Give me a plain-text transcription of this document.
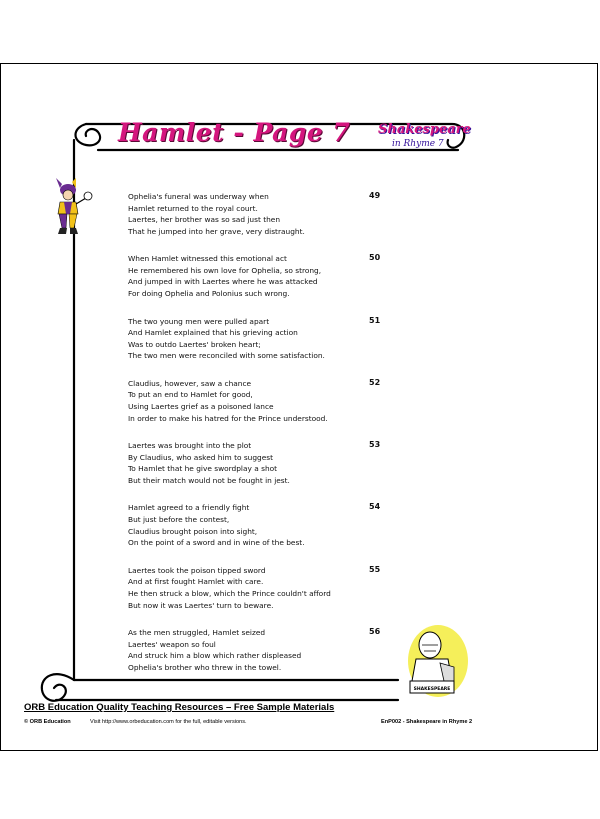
Hamlet - Page 7 Shakespeare
in Rhyme 7
SHAKESPEARE
Ophelia's funeral was underway when
Hamlet returned to the royal court.
Laertes, her brother was so sad just then
That he jumped into her grave, very distraught.
49
When Hamlet witnessed this emotional act
He remembered his own love for Ophelia, so strong,
And jumped in with Laertes where he was attacked
For doing Ophelia and Polonius such wrong.
50
The two young men were pulled apart
And Hamlet explained that his grieving action
Was to outdo Laertes' broken heart;
The two men were reconciled with some satisfaction.
51
Claudius, however, saw a chance
To put an end to Hamlet for good,
Using Laertes grief as a poisoned lance
In order to make his hatred for the Prince understood.
52
Laertes was brought into the plot
By Claudius, who asked him to suggest
To Hamlet that he give swordplay a shot
But their match would not be fought in jest.
53
Hamlet agreed to a friendly fight
But just before the contest,
Claudius brought poison into sight,
On the point of a sword and in wine of the best.
54
Laertes took the poison tipped sword
And at first fought Hamlet with care.
He then struck a blow, which the Prince couldn't afford
But now it was Laertes' turn to beware.
55
As the men struggled, Hamlet seized
Laertes' weapon so foul
And struck him a blow which rather displeased
Ophelia's brother who threw in the towel.
56
ORB Education Quality Teaching Resources – Free Sample Materials
© ORB Education	Visit http://www.orbeducation.com for the full, editable versions.	EnP002 - Shakespeare in Rhyme 2
